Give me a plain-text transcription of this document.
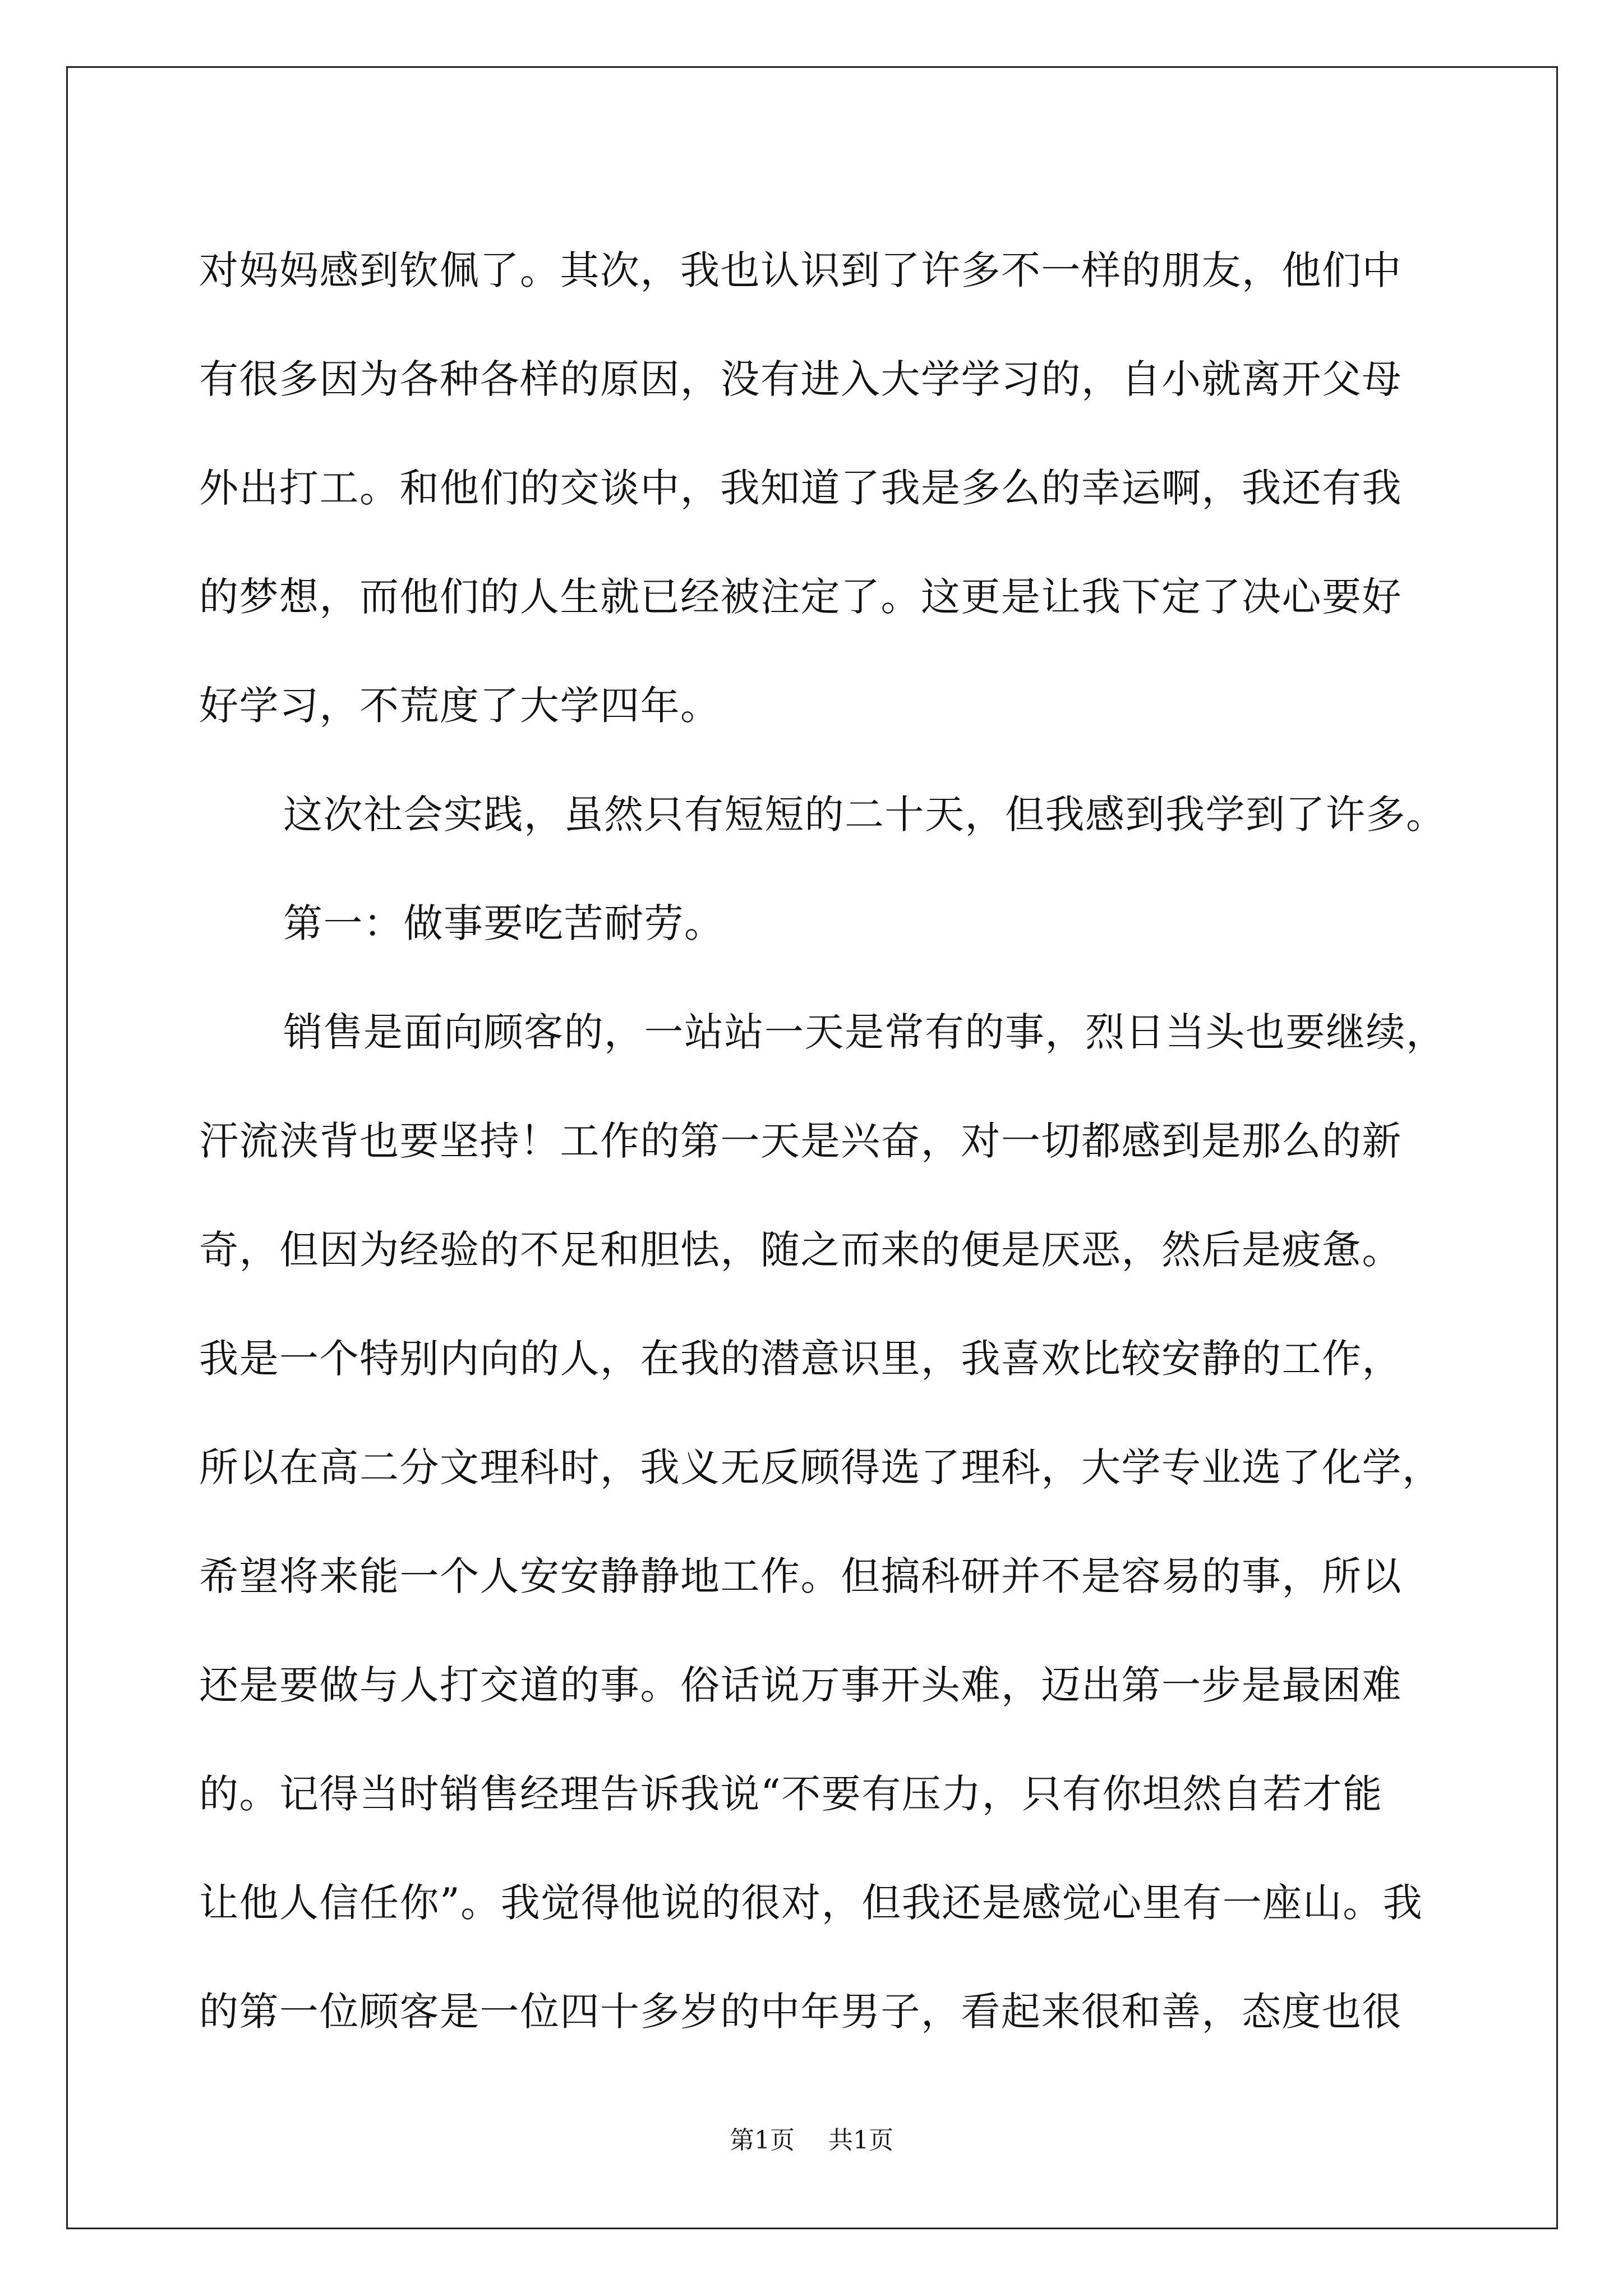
对妈妈感到钦佩了。其次，我也认识到了许多不一样的朋友，他们中
有很多因为各种各样的原因，没有进入大学学习的，自小就离开父母
外出打工。和他们的交谈中，我知道了我是多么的幸运啊，我还有我
的梦想，而他们的人生就已经被注定了。这更是让我下定了决心要好
好学习，不荒度了大学四年。
这次社会实践，虽然只有短短的二十天，但我感到我学到了许多。
第一：做事要吃苦耐劳。
销售是面向顾客的，一站站一天是常有的事，烈日当头也要继续，
汗流浃背也要坚持！工作的第一天是兴奋，对一切都感到是那么的新
奇，但因为经验的不足和胆怯，随之而来的便是厌恶，然后是疲惫。
我是一个特别内向的人，在我的潜意识里，我喜欢比较安静的工作，
所以在高二分文理科时，我义无反顾得选了理科，大学专业选了化学，
希望将来能一个人安安静静地工作。但搞科研并不是容易的事，所以
还是要做与人打交道的事。俗话说万事开头难，迈出第一步是最困难
的。记得当时销售经理告诉我说“不要有压力，只有你坦然自若才能
让他人信任你”。我觉得他说的很对，但我还是感觉心里有一座山。我
的第一位顾客是一位四十多岁的中年男子，看起来很和善，态度也很
第1页 共1页
